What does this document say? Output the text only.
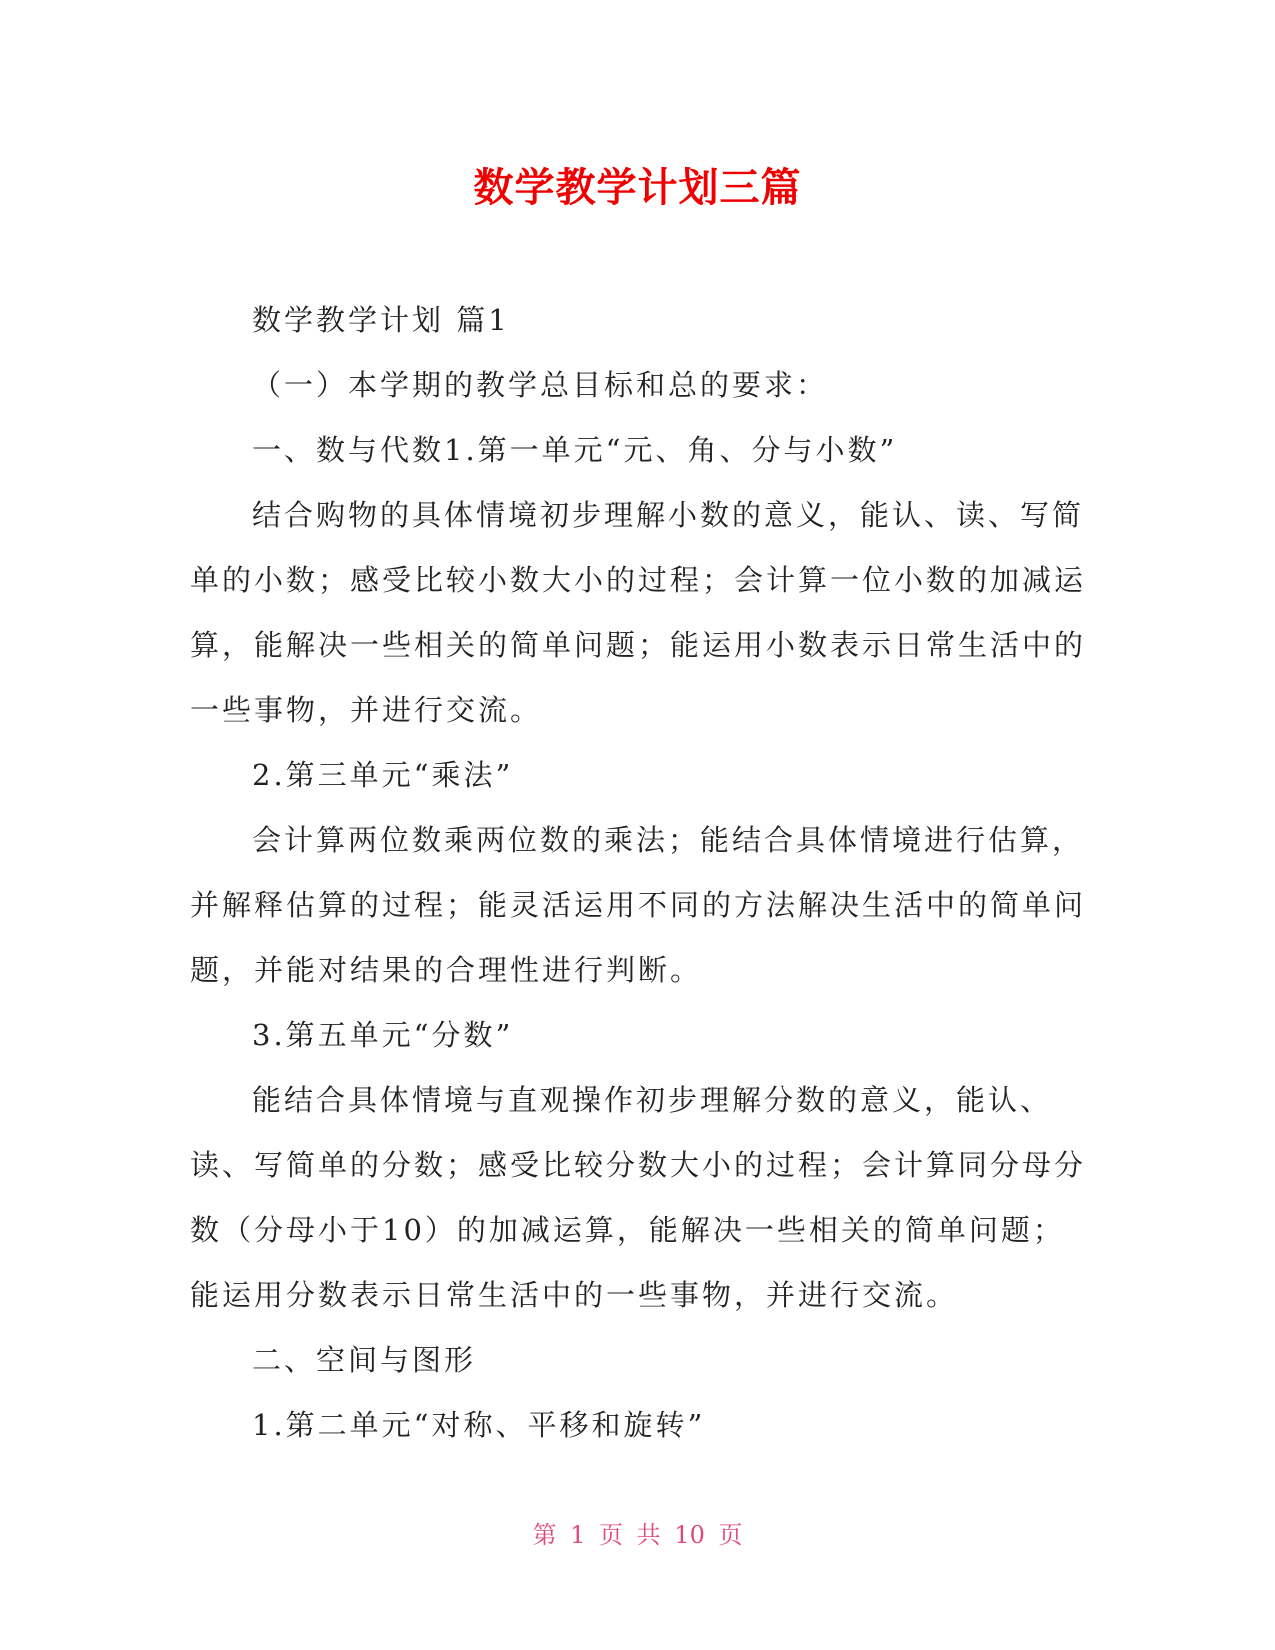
数学教学计划三篇

数学教学计划 篇1

（一）本学期的教学总目标和总的要求：

一、数与代数1.第一单元“元、角、分与小数”

结合购物的具体情境初步理解小数的意义，能认、读、写简单的小数；感受比较小数大小的过程；会计算一位小数的加减运算，能解决一些相关的简单问题；能运用小数表示日常生活中的一些事物，并进行交流。

2.第三单元“乘法”

会计算两位数乘两位数的乘法；能结合具体情境进行估算，并解释估算的过程；能灵活运用不同的方法解决生活中的简单问题，并能对结果的合理性进行判断。

3.第五单元“分数”

能结合具体情境与直观操作初步理解分数的意义，能认、读、写简单的分数；感受比较分数大小的过程；会计算同分母分数（分母小于10）的加减运算，能解决一些相关的简单问题；能运用分数表示日常生活中的一些事物，并进行交流。

二、空间与图形

1.第二单元“对称、平移和旋转”

第 1 页 共 10 页
